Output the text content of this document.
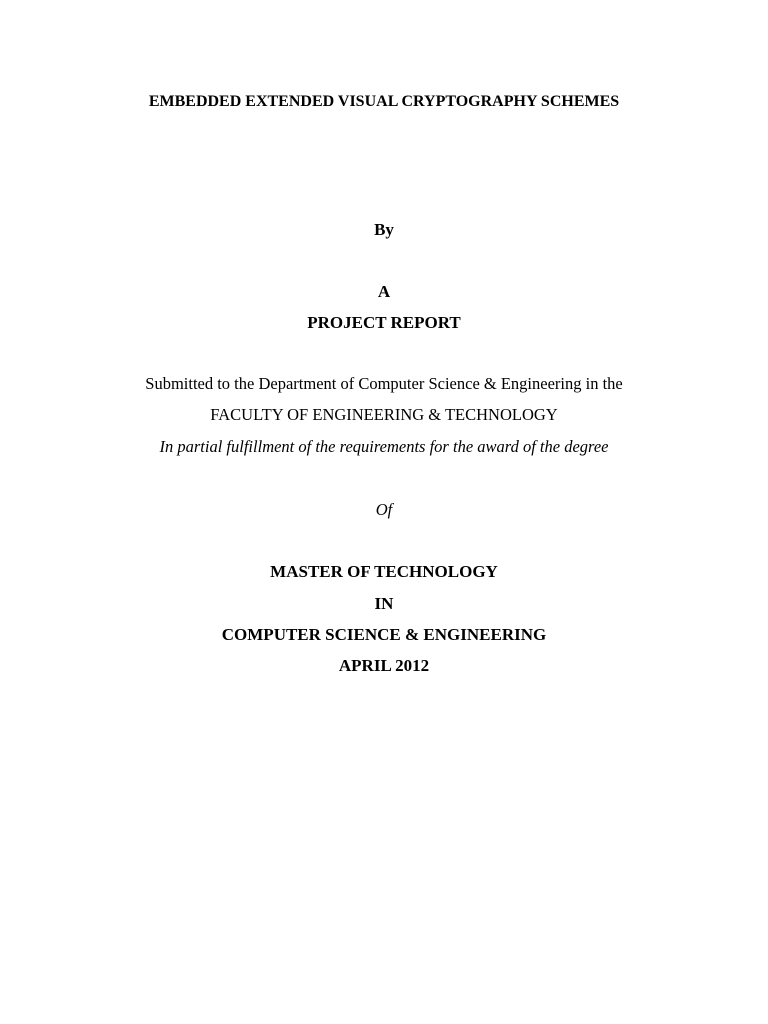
EMBEDDED EXTENDED VISUAL CRYPTOGRAPHY SCHEMES
By
A
PROJECT REPORT
Submitted to the Department of Computer Science & Engineering in the
FACULTY OF ENGINEERING & TECHNOLOGY
In partial fulfillment of the requirements for the award of the degree
Of
MASTER OF TECHNOLOGY
IN
COMPUTER SCIENCE & ENGINEERING
APRIL 2012
